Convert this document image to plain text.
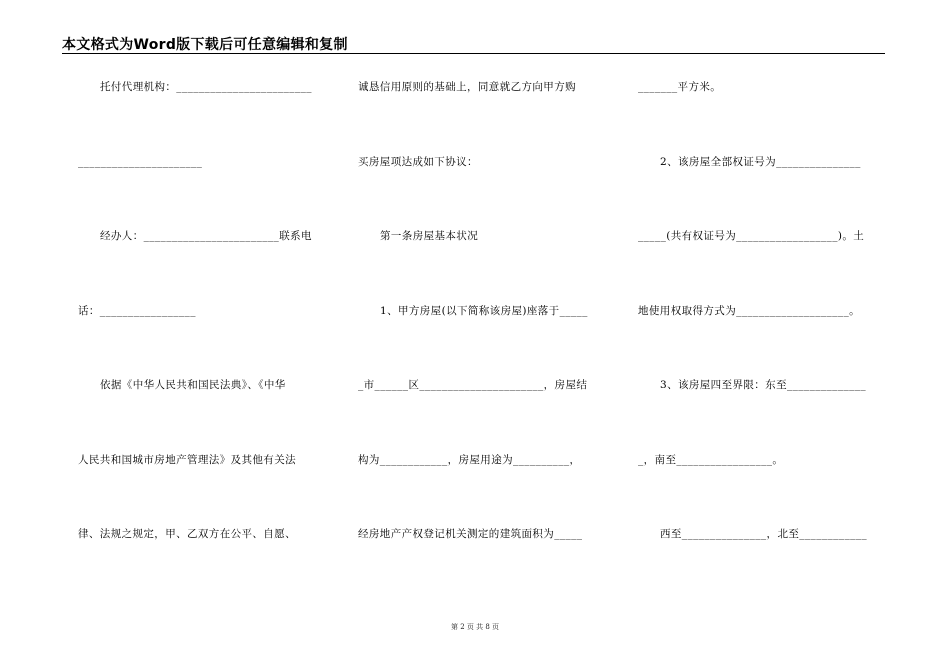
本文格式为Word版下载后可任意编辑和复制
托付代理机构：________________________
______________________
经办人：________________________联系电
话：_________________
依据《中华人民共和国民法典》、《中华
人民共和国城市房地产管理法》及其他有关法
律、法规之规定，甲、乙双方在公平、自愿、
诚恳信用原则的基础上，同意就乙方向甲方购
买房屋项达成如下协议：
第一条房屋基本状况
1、甲方房屋(以下简称该房屋)座落于_____
_市______区______________________，房屋结
构为____________，房屋用途为__________，
经房地产产权登记机关测定的建筑面积为_____
_______平方米。
2、该房屋全部权证号为_______________
_____(共有权证号为__________________)。土
地使用权取得方式为____________________。
3、该房屋四至界限：东至______________
_，南至_________________。
西至_______________，北至____________
第 2 页 共 8 页
